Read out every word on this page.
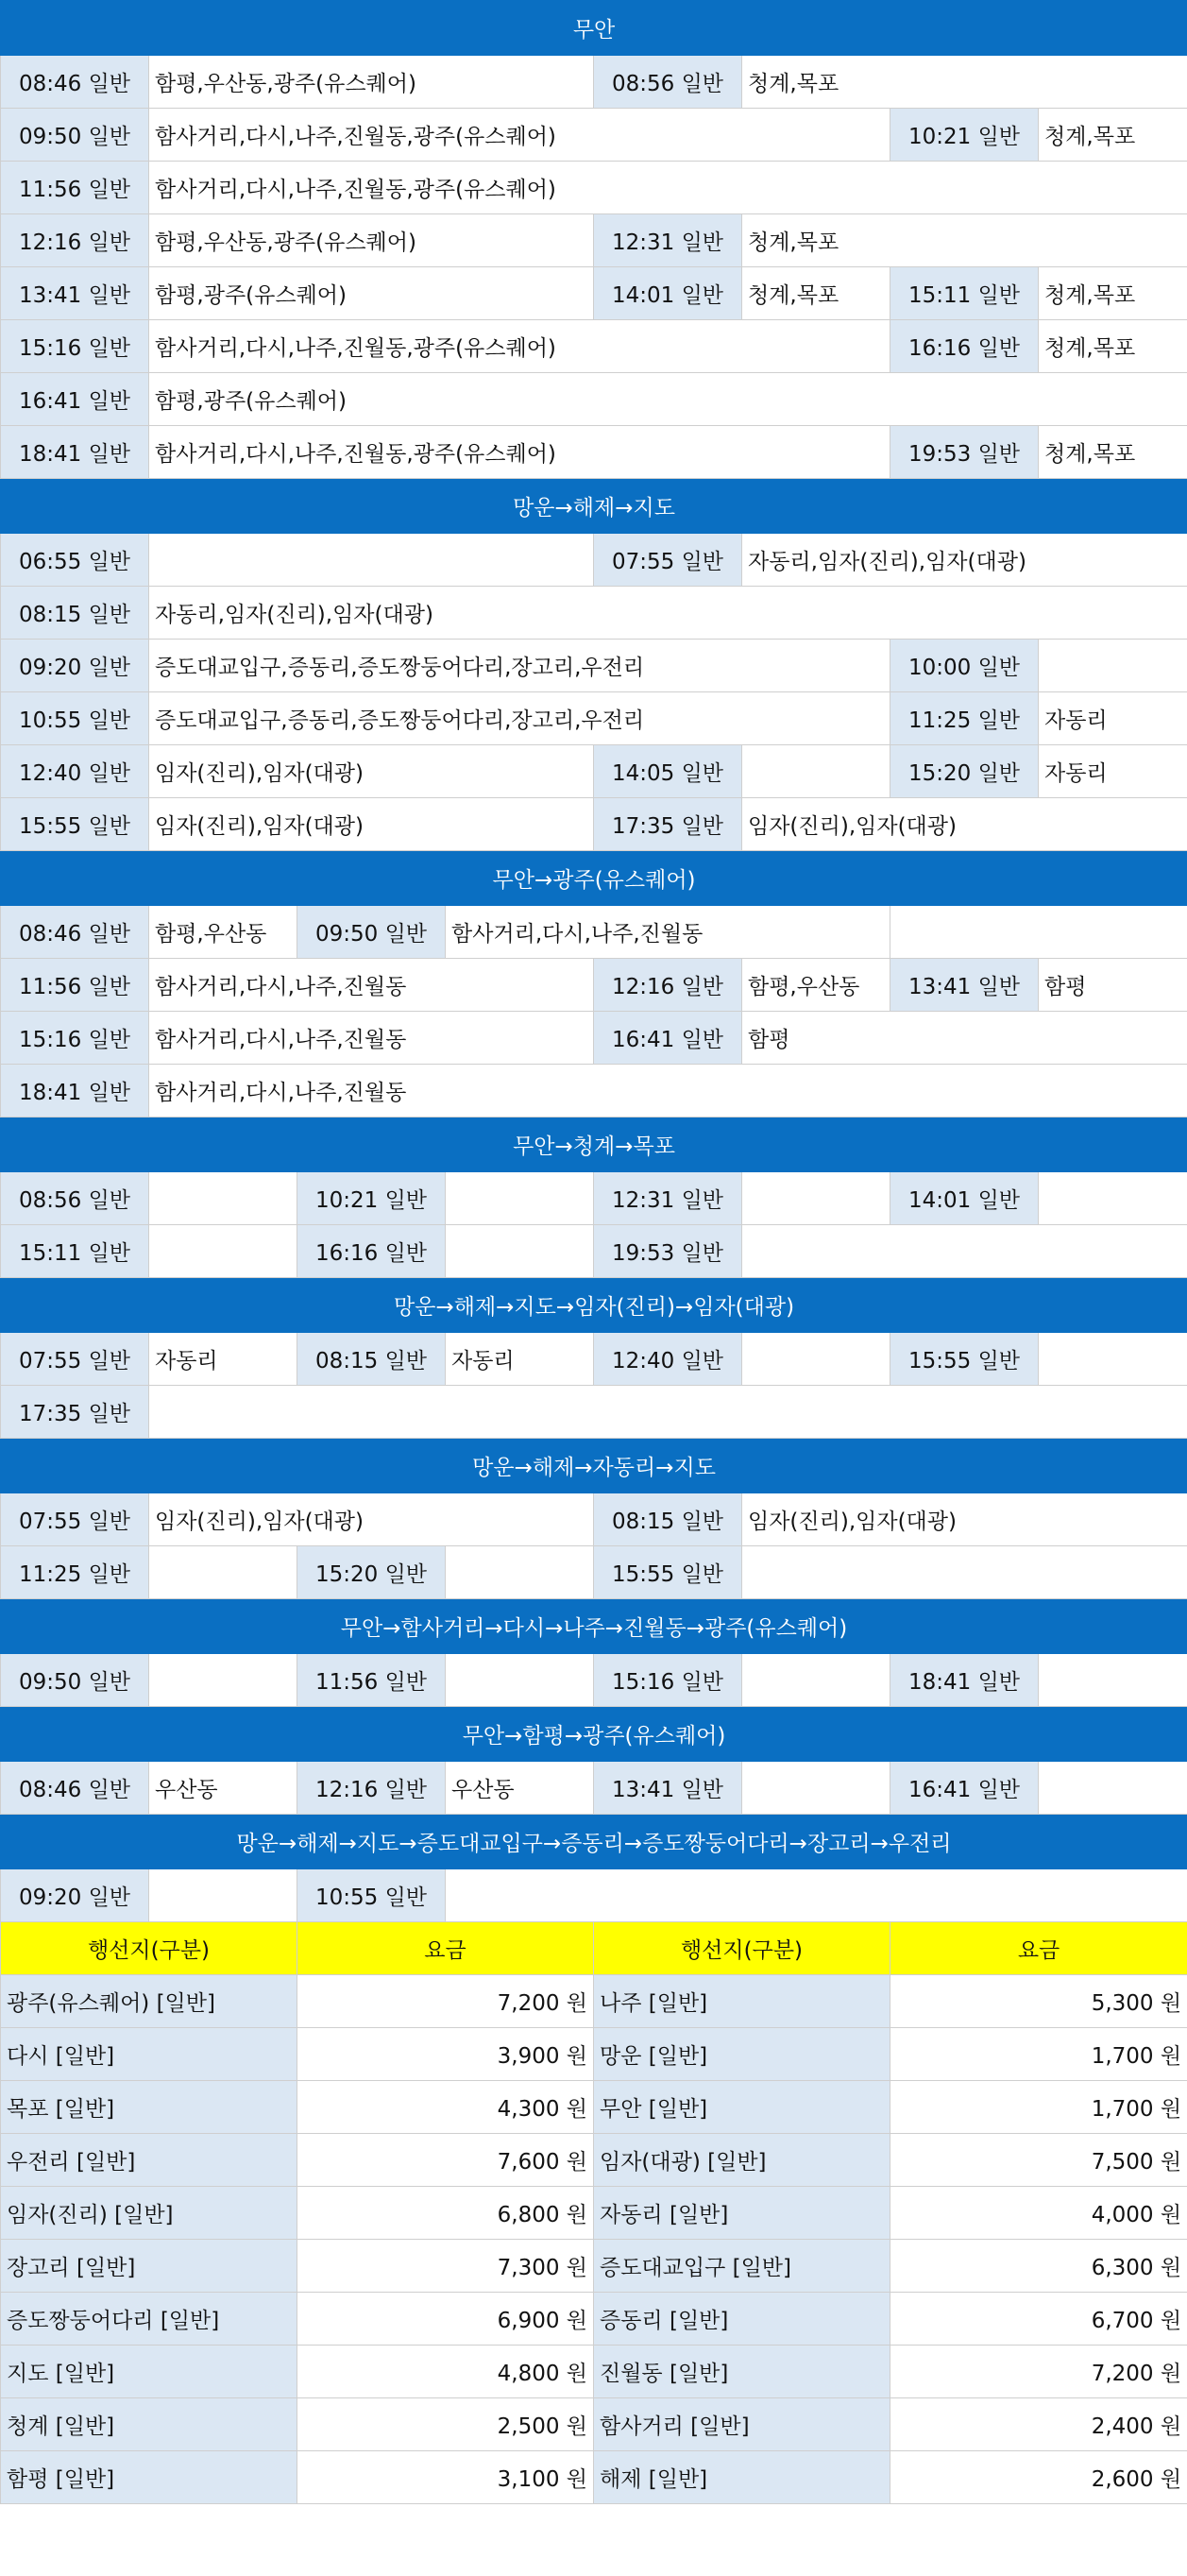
무안							
08:46 일반	함평,우산동,광주(유스퀘어)			08:56 일반	청계,목포		
09:50 일반	함사거리,다시,나주,진월동,광주(유스퀘어)					10:21 일반	청계,목포
11:56 일반	함사거리,다시,나주,진월동,광주(유스퀘어)						
12:16 일반	함평,우산동,광주(유스퀘어)			12:31 일반	청계,목포		
13:41 일반	함평,광주(유스퀘어)			14:01 일반	청계,목포	15:11 일반	청계,목포
15:16 일반	함사거리,다시,나주,진월동,광주(유스퀘어)					16:16 일반	청계,목포
16:41 일반	함평,광주(유스퀘어)						
18:41 일반	함사거리,다시,나주,진월동,광주(유스퀘어)					19:53 일반	청계,목포
망운→해제→지도							
06:55 일반				07:55 일반	자동리,임자(진리),임자(대광)		
08:15 일반	자동리,임자(진리),임자(대광)						
09:20 일반	증도대교입구,증동리,증도짱둥어다리,장고리,우전리					10:00 일반	
10:55 일반	증도대교입구,증동리,증도짱둥어다리,장고리,우전리					11:25 일반	자동리
12:40 일반	임자(진리),임자(대광)			14:05 일반		15:20 일반	자동리
15:55 일반	임자(진리),임자(대광)			17:35 일반	임자(진리),임자(대광)		
무안→광주(유스퀘어)							
08:46 일반	함평,우산동	09:50 일반	함사거리,다시,나주,진월동				
11:56 일반	함사거리,다시,나주,진월동			12:16 일반	함평,우산동	13:41 일반	함평
15:16 일반	함사거리,다시,나주,진월동			16:41 일반	함평		
18:41 일반	함사거리,다시,나주,진월동						
무안→청계→목포							
08:56 일반		10:21 일반		12:31 일반		14:01 일반	
15:11 일반		16:16 일반		19:53 일반			
망운→해제→지도→임자(진리)→임자(대광)							
07:55 일반	자동리	08:15 일반	자동리	12:40 일반		15:55 일반	
17:35 일반							
망운→해제→자동리→지도							
07:55 일반	임자(진리),임자(대광)			08:15 일반	임자(진리),임자(대광)		
11:25 일반		15:20 일반		15:55 일반			
무안→함사거리→다시→나주→진월동→광주(유스퀘어)							
09:50 일반		11:56 일반		15:16 일반		18:41 일반	
무안→함평→광주(유스퀘어)							
08:46 일반	우산동	12:16 일반	우산동	13:41 일반		16:41 일반	
망운→해제→지도→증도대교입구→증동리→증도짱둥어다리→장고리→우전리							
09:20 일반		10:55 일반					
행선지(구분)		요금		행선지(구분)		요금	
광주(유스퀘어) [일반]		7,200 원		나주 [일반]		5,300 원	
다시 [일반]		3,900 원		망운 [일반]		1,700 원	
목포 [일반]		4,300 원		무안 [일반]		1,700 원	
우전리 [일반]		7,600 원		임자(대광) [일반]		7,500 원	
임자(진리) [일반]		6,800 원		자동리 [일반]		4,000 원	
장고리 [일반]		7,300 원		증도대교입구 [일반]		6,300 원	
증도짱둥어다리 [일반]		6,900 원		증동리 [일반]		6,700 원	
지도 [일반]		4,800 원		진월동 [일반]		7,200 원	
청계 [일반]		2,500 원		함사거리 [일반]		2,400 원	
함평 [일반]		3,100 원		해제 [일반]		2,600 원	
